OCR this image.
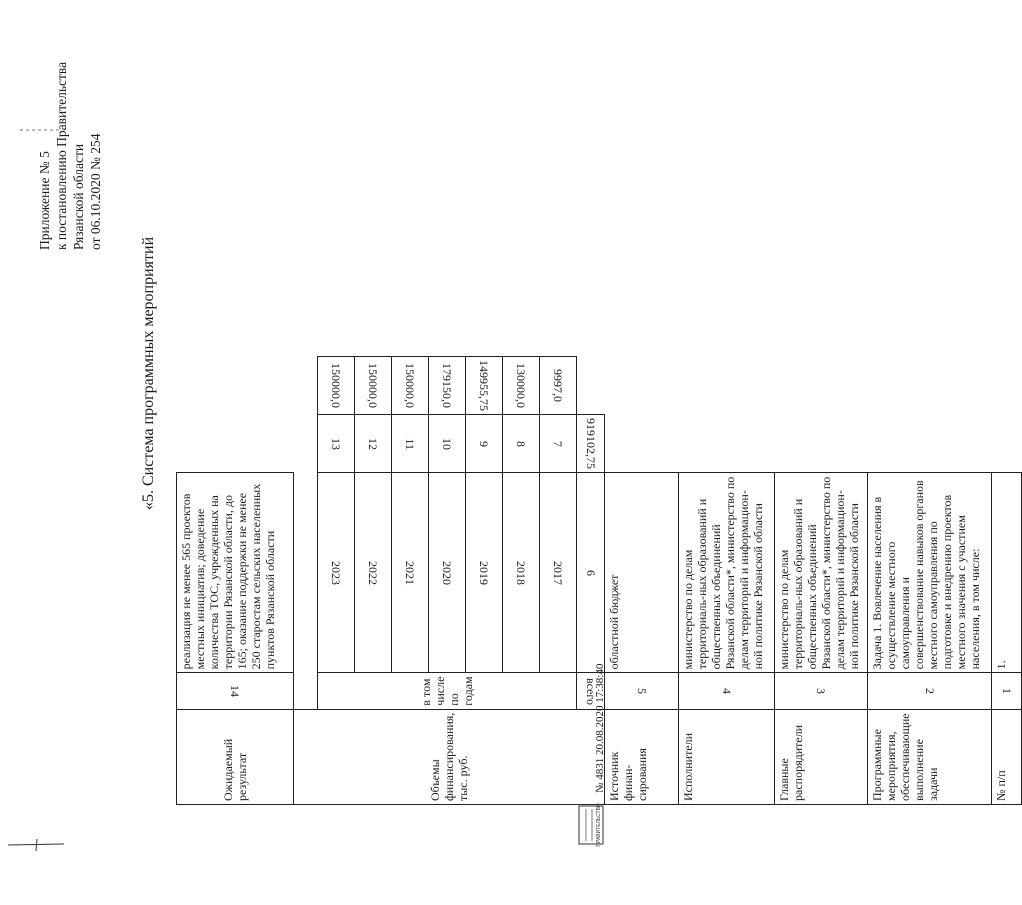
Приложение № 5 к постановлению Правительства Рязанской области от 06.10.2020 № 254
«5. Система программных мероприятий
Ожидаемый результат	14	реализация не менее 565 проектов местных инициатив; доведение количества ТОС, учрежденных на территории Рязанской области, до 165; оказание поддержки не менее 250 старостам сельских населенных пунктов Рязанской области		
Объемы финансирования, тыс. руб.				
	в том числе по годам	2023	13	150000,0
		2022	12	150000,0
		2021	11	150000,0
		2020	10	179150,0
		2019	9	149955,75
		2018	8	130000,0
		2017	7	9997,0
	всего	6	919102,75	
Источник финан-сирования	5	областной бюджет		
Исполнители	4	министерство по делам территориаль-ных образований и общественных объединений Рязанской области*, министерство по делам территорий и информацион-ной политике Рязанской области		
Главные распорядители	3	министерство по делам территориаль-ных образований и общественных объединений Рязанской области*, министерство по делам территорий и информацион-ной политике Рязанской области		
Программные мероприятия, обеспечивающие выполнение задачи	2	Задача 1. Вовлечение населения в осуществление местного самоуправления и совершенствование навыков органов местного самоуправления по подготовке и внедрению проектов местного значения с участием населения, в том числе:		
№ п/п	1	1.		
ПРАВИТЕЛЬСТВО
№ 4831 20.08.2020 17:38:40
